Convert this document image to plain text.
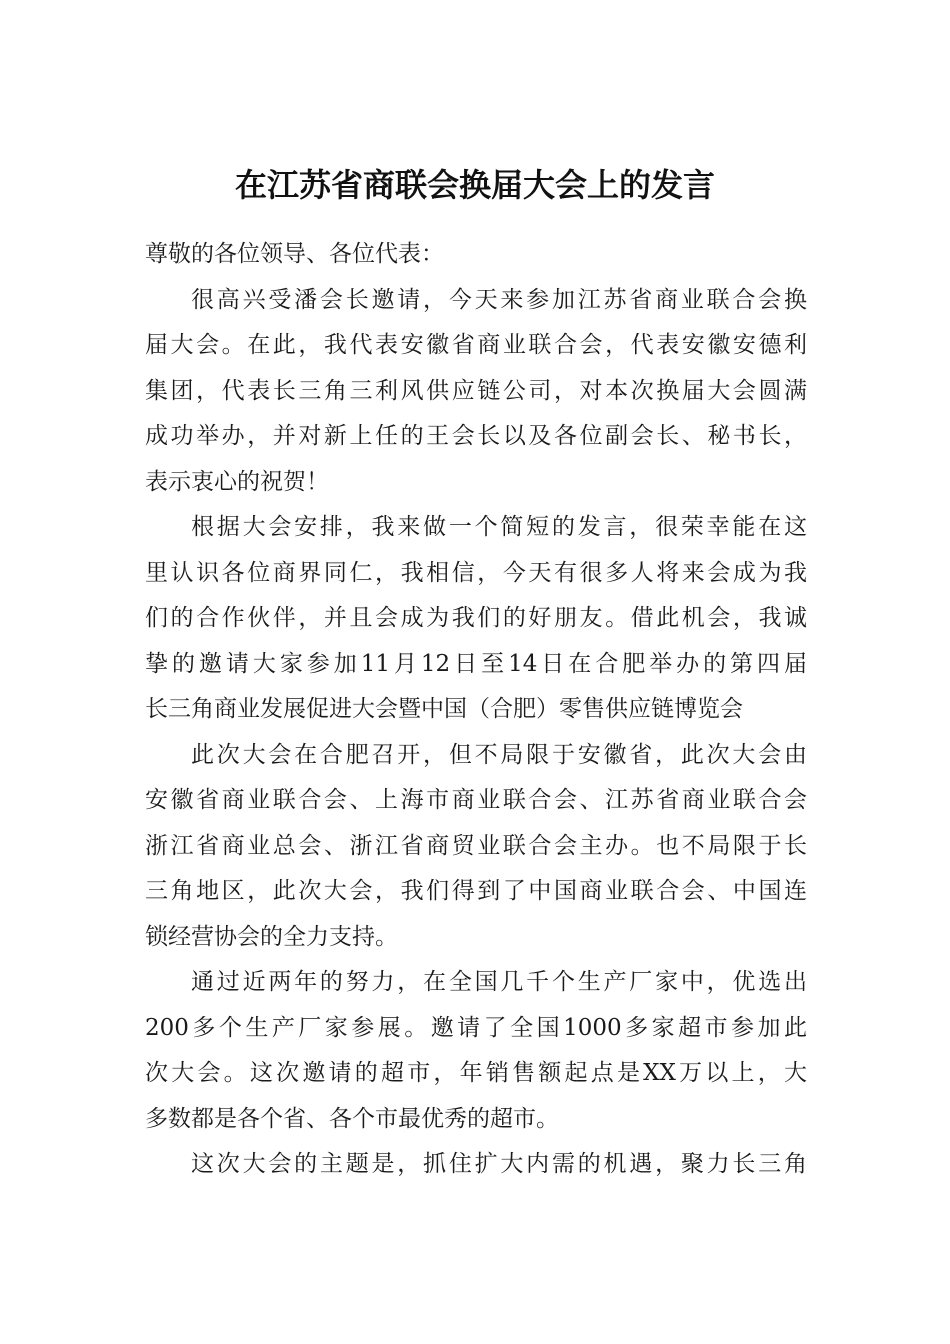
在江苏省商联会换届大会上的发言

尊敬的各位领导、各位代表：

很高兴受潘会长邀请，今天来参加江苏省商业联合会换
届大会。在此，我代表安徽省商业联合会，代表安徽安德利
集团，代表长三角三利风供应链公司，对本次换届大会圆满
成功举办，并对新上任的王会长以及各位副会长、秘书长，
表示衷心的祝贺！

根据大会安排，我来做一个简短的发言，很荣幸能在这
里认识各位商界同仁，我相信，今天有很多人将来会成为我
们的合作伙伴，并且会成为我们的好朋友。借此机会，我诚
挚的邀请大家参加11月12日至14日在合肥举办的第四届
长三角商业发展促进大会暨中国（合肥）零售供应链博览会

此次大会在合肥召开，但不局限于安徽省，此次大会由
安徽省商业联合会、上海市商业联合会、江苏省商业联合会
浙江省商业总会、浙江省商贸业联合会主办。也不局限于长
三角地区，此次大会，我们得到了中国商业联合会、中国连
锁经营协会的全力支持。

通过近两年的努力，在全国几千个生产厂家中，优选出
200多个生产厂家参展。邀请了全国1000多家超市参加此
次大会。这次邀请的超市，年销售额起点是XX万以上，大
多数都是各个省、各个市最优秀的超市。

这次大会的主题是，抓住扩大内需的机遇，聚力长三角
